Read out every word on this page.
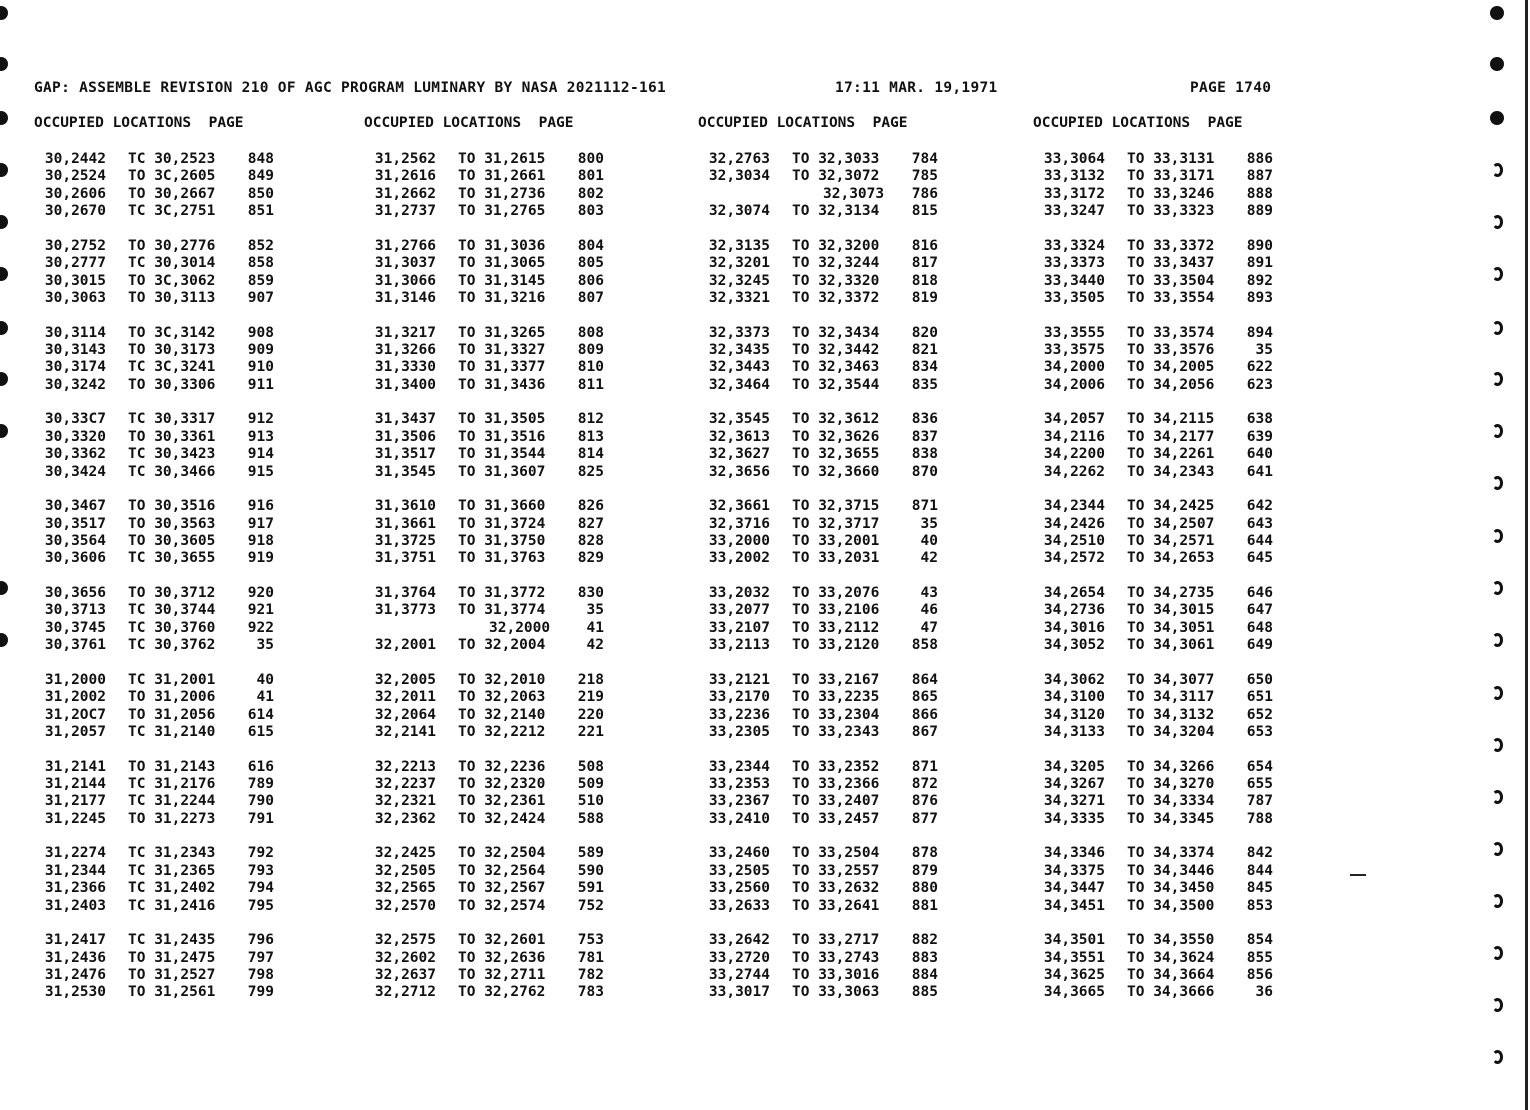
GAP: ASSEMBLE REVISION 210 OF AGC PROGRAM LUMINARY BY NASA 2021112-161	17:11 MAR. 19,1971	PAGE 1740
OCCUPIED LOCATIONS  PAGE	OCCUPIED LOCATIONS  PAGE	OCCUPIED LOCATIONS  PAGE	OCCUPIED LOCATIONS  PAGE
30,2442 TC 30,2523	848
30,2524 TO 3C,2605	849
30,2606 TO 30,2667	850
30,2670 TC 3C,2751	851
30,2752 TO 30,2776	852
30,2777 TC 30,3014	858
30,3015 TO 3C,3062	859
30,3063 TO 30,3113	907
30,3114 TO 3C,3142	908
30,3143 TO 30,3173	909
30,3174 TC 3C,3241	910
30,3242 TO 30,3306	911
30,33C7 TC 30,3317	912
30,3320 TO 30,3361	913
30,3362 TC 30,3423	914
30,3424 TC 30,3466	915
30,3467 TO 30,3516	916
30,3517 TO 30,3563	917
30,3564 TO 30,3605	918
30,3606 TC 30,3655	919
30,3656 TO 30,3712	920
30,3713 TC 30,3744	921
30,3745 TC 30,3760	922
30,3761 TC 30,3762	35
31,2000 TC 31,2001	40
31,2002 TO 31,2006	41
31,2OC7 TO 31,2056	614
31,2057 TC 31,2140	615
31,2141 TO 31,2143	616
31,2144 TC 31,2176	789
31,2177 TC 31,2244	790
31,2245 TO 31,2273	791
31,2274 TC 31,2343	792
31,2344 TC 31,2365	793
31,2366 TC 31,2402	794
31,2403 TC 31,2416	795
31,2417 TC 31,2435	796
31,2436 TO 31,2475	797
31,2476 TO 31,2527	798
31,2530 TO 31,2561	799
31,2562 TO 31,2615	800
31,2616 TO 31,2661	801
31,2662 TO 31,2736	802
31,2737 TO 31,2765	803
31,2766 TO 31,3036	804
31,3037 TO 31,3065	805
31,3066 TO 31,3145	806
31,3146 TO 31,3216	807
31,3217 TO 31,3265	808
31,3266 TO 31,3327	809
31,3330 TO 31,3377	810
31,3400 TO 31,3436	811
31,3437 TO 31,3505	812
31,3506 TO 31,3516	813
31,3517 TO 31,3544	814
31,3545 TO 31,3607	825
31,3610 TO 31,3660	826
31,3661 TO 31,3724	827
31,3725 TO 31,3750	828
31,3751 TO 31,3763	829
31,3764 TO 31,3772	830
31,3773 TO 31,3774	35
32,2000	41
32,2001 TO 32,2004	42
32,2005 TO 32,2010	218
32,2011 TO 32,2063	219
32,2064 TO 32,2140	220
32,2141 TO 32,2212	221
32,2213 TO 32,2236	508
32,2237 TO 32,2320	509
32,2321 TO 32,2361	510
32,2362 TO 32,2424	588
32,2425 TO 32,2504	589
32,2505 TO 32,2564	590
32,2565 TO 32,2567	591
32,2570 TO 32,2574	752
32,2575 TO 32,2601	753
32,2602 TO 32,2636	781
32,2637 TO 32,2711	782
32,2712 TO 32,2762	783
32,2763 TO 32,3033	784
32,3034 TO 32,3072	785
32,3073	786
32,3074 TO 32,3134	815
32,3135 TO 32,3200	816
32,3201 TO 32,3244	817
32,3245 TO 32,3320	818
32,3321 TO 32,3372	819
32,3373 TO 32,3434	820
32,3435 TO 32,3442	821
32,3443 TO 32,3463	834
32,3464 TO 32,3544	835
32,3545 TO 32,3612	836
32,3613 TO 32,3626	837
32,3627 TO 32,3655	838
32,3656 TO 32,3660	870
32,3661 TO 32,3715	871
32,3716 TO 32,3717	35
33,2000 TO 33,2001	40
33,2002 TO 33,2031	42
33,2032 TO 33,2076	43
33,2077 TO 33,2106	46
33,2107 TO 33,2112	47
33,2113 TO 33,2120	858
33,2121 TO 33,2167	864
33,2170 TO 33,2235	865
33,2236 TO 33,2304	866
33,2305 TO 33,2343	867
33,2344 TO 33,2352	871
33,2353 TO 33,2366	872
33,2367 TO 33,2407	876
33,2410 TO 33,2457	877
33,2460 TO 33,2504	878
33,2505 TO 33,2557	879
33,2560 TO 33,2632	880
33,2633 TO 33,2641	881
33,2642 TO 33,2717	882
33,2720 TO 33,2743	883
33,2744 TO 33,3016	884
33,3017 TO 33,3063	885
33,3064 TO 33,3131	886
33,3132 TO 33,3171	887
33,3172 TO 33,3246	888
33,3247 TO 33,3323	889
33,3324 TO 33,3372	890
33,3373 TO 33,3437	891
33,3440 TO 33,3504	892
33,3505 TO 33,3554	893
33,3555 TO 33,3574	894
33,3575 TO 33,3576	35
34,2000 TO 34,2005	622
34,2006 TO 34,2056	623
34,2057 TO 34,2115	638
34,2116 TO 34,2177	639
34,2200 TO 34,2261	640
34,2262 TO 34,2343	641
34,2344 TO 34,2425	642
34,2426 TO 34,2507	643
34,2510 TO 34,2571	644
34,2572 TO 34,2653	645
34,2654 TO 34,2735	646
34,2736 TO 34,3015	647
34,3016 TO 34,3051	648
34,3052 TO 34,3061	649
34,3062 TO 34,3077	650
34,3100 TO 34,3117	651
34,3120 TO 34,3132	652
34,3133 TO 34,3204	653
34,3205 TO 34,3266	654
34,3267 TO 34,3270	655
34,3271 TO 34,3334	787
34,3335 TO 34,3345	788
34,3346 TO 34,3374	842
34,3375 TO 34,3446	844
34,3447 TO 34,3450	845
34,3451 TO 34,3500	853
34,3501 TO 34,3550	854
34,3551 TO 34,3624	855
34,3625 TO 34,3664	856
34,3665 TO 34,3666	36
